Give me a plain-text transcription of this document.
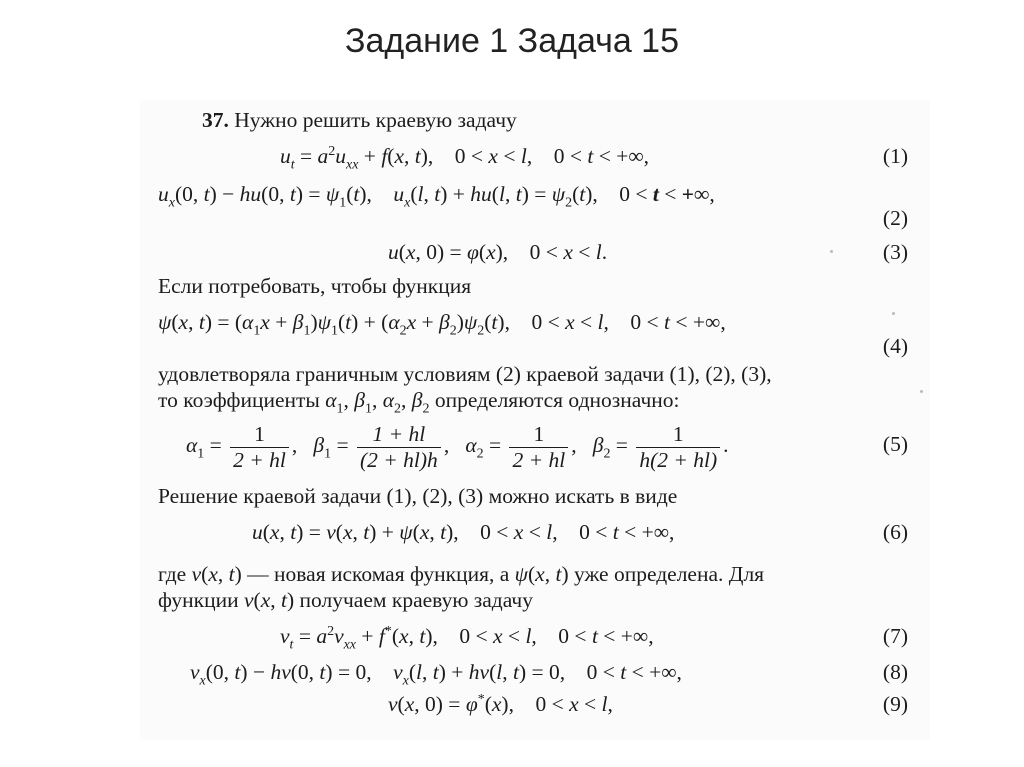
Задание 1 Задача 15
37. Нужно решить краевую задачу
$u_t = a^2u_{xx} + f(x$, t),    0 < x < l,    0 < t < +∞,	(1)
$u_x(0$, t) − hu(0, $t) = \psi_1(t)$,    $u_x(l$, t) + hu(l, $t) = \psi_2(t)$,    0 < t < +∞,
(2)
u(x, 0) = φ(x),    0 < x < l.	(3)
Если потребовать, чтобы функция
ψ(x, $t) = (\alpha_1x + \beta_1)\psi_1(t) + (\alpha_2x + \beta_2)\psi_2(t)$,    0 < x < l,    0 < t < +∞,
(4)
удовлетворяла граничным условиям (2) краевой задачи (1), (2), (3),
то коэффициенты $\alpha_1$, $\beta_1$, $\alpha_2$, $\beta_2$ определяются однозначно:
$\alpha_1 = \frac{1}{2 + hl}$ ,   $\beta_1 = \frac{1 + hl}{(2 + hl)h}$ ,   $\alpha_2 = \frac{1}{2 + hl}$ ,   $\beta_2 = \frac{1}{h(2 + hl)}$ .	(5)
Решение краевой задачи (1), (2), (3) можно искать в виде
u(x, t) = v(x, t) + ψ(x, t),    0 < x < l,    0 < t < +∞,	(6)
где v(x, t) — новая искомая функция, а ψ(x, t) уже определена. Для
функции v(x, t) получаем краевую задачу
$v_t = a^2v_{xx} + f^*(x$, t),    0 < x < l,    0 < t < +∞,	(7)
$v_x(0$, t) − hv(0, t) = 0,    $v_x(l$, t) + hv(l, t) = 0,    0 < t < +∞,	(8)
v(x, 0) = φ*(x),    0 < x < l,	(9)
